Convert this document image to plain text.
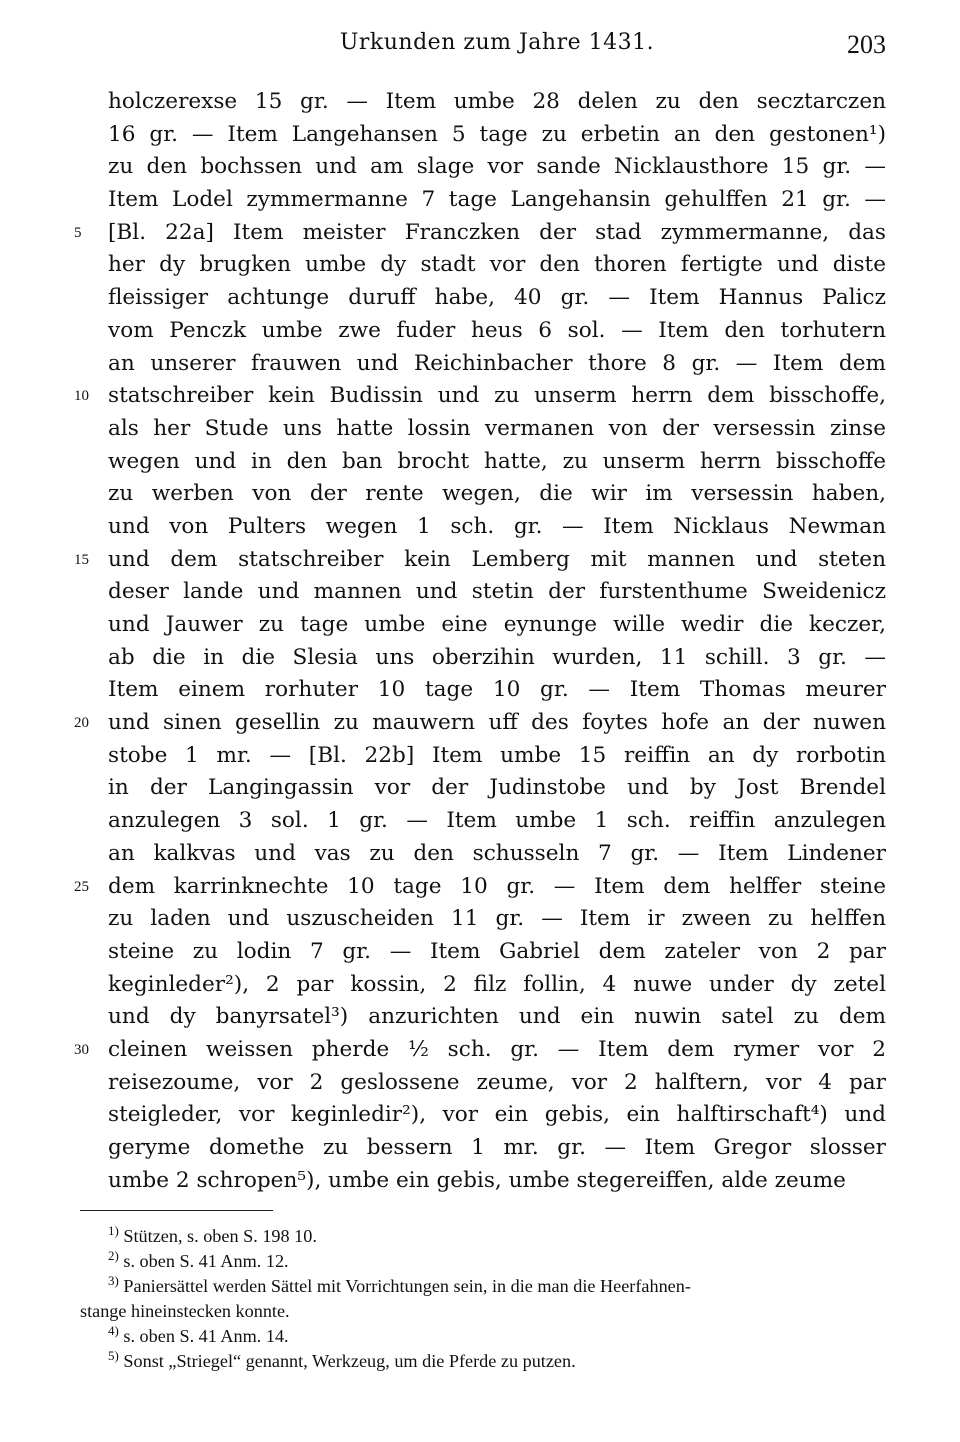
Urkunden zum Jahre 1431.	203
holczerexse 15 gr. — Item umbe 28 delen zu den secztarczen
16 gr. — Item Langehansen 5 tage zu erbetin an den gestonen¹)
zu den bochssen und am slage vor sande Nicklausthore 15 gr. —
Item Lodel zymmermanne 7 tage Langehansin gehulffen 21 gr. —
5	[Bl. 22a] Item meister Franczken der stad zymmermanne, das
her dy brugken umbe dy stadt vor den thoren fertigte und diste
fleissiger achtunge duruff habe, 40 gr. — Item Hannus Palicz
vom Penczk umbe zwe fuder heus 6 sol. — Item den torhutern
an unserer frauwen und Reichinbacher thore 8 gr. — Item dem
10 statschreiber kein Budissin und zu unserm herrn dem bisschoffe,
als her Stude uns hatte lossin vermanen von der versessin zinse
wegen und in den ban brocht hatte, zu unserm herrn bisschoffe
zu werben von der rente wegen, die wir im versessin haben,
und von Pulters wegen 1 sch. gr. — Item Nicklaus Newman
15 und dem statschreiber kein Lemberg mit mannen und steten
deser lande und mannen und stetin der furstenthume Sweidenicz
und Jauwer zu tage umbe eine eynunge wille wedir die keczer,
ab die in die Slesia uns oberzihin wurden, 11 schill. 3 gr. —
Item einem rorhuter 10 tage 10 gr. — Item Thomas meurer
20 und sinen gesellin zu mauwern uff des foytes hofe an der nuwen
stobe 1 mr. — [Bl. 22b] Item umbe 15 reiffin an dy rorbotin
in der Langingassin vor der Judinstobe und by Jost Brendel
anzulegen 3 sol. 1 gr. — Item umbe 1 sch. reiffin anzulegen
an kalkvas und vas zu den schusseln 7 gr. — Item Lindener
25 dem karrinknechte 10 tage 10 gr. — Item dem helffer steine
zu laden und uszuscheiden 11 gr. — Item ir zween zu helffen
steine zu lodin 7 gr. — Item Gabriel dem zateler von 2 par
keginleder²), 2 par kossin, 2 filz follin, 4 nuwe under dy zetel
und dy banyrsatel³) anzurichten und ein nuwin satel zu dem
30 cleinen weissen pherde ½ sch. gr. — Item dem rymer vor 2
reisezoume, vor 2 geslossene zeume, vor 2 halftern, vor 4 par
steigleder, vor keginledir²), vor ein gebis, ein halftirschaft⁴) und
geryme domethe zu bessern 1 mr. gr. — Item Gregor slosser
umbe 2 schropen⁵), umbe ein gebis, umbe stegereiffen, alde zeume
$^{1)}$ Stützen, s. oben S. 198 10.
$^{2)}$ s. oben S. 41 Anm. 12.
$^{3)}$ Paniersättel werden Sättel mit Vorrichtungen sein, in die man die Heerfahnen-
stange hineinstecken konnte.
$^{4)}$ s. oben S. 41 Anm. 14.
$^{5)}$ Sonst „Striegel“ genannt, Werkzeug, um die Pferde zu putzen.
